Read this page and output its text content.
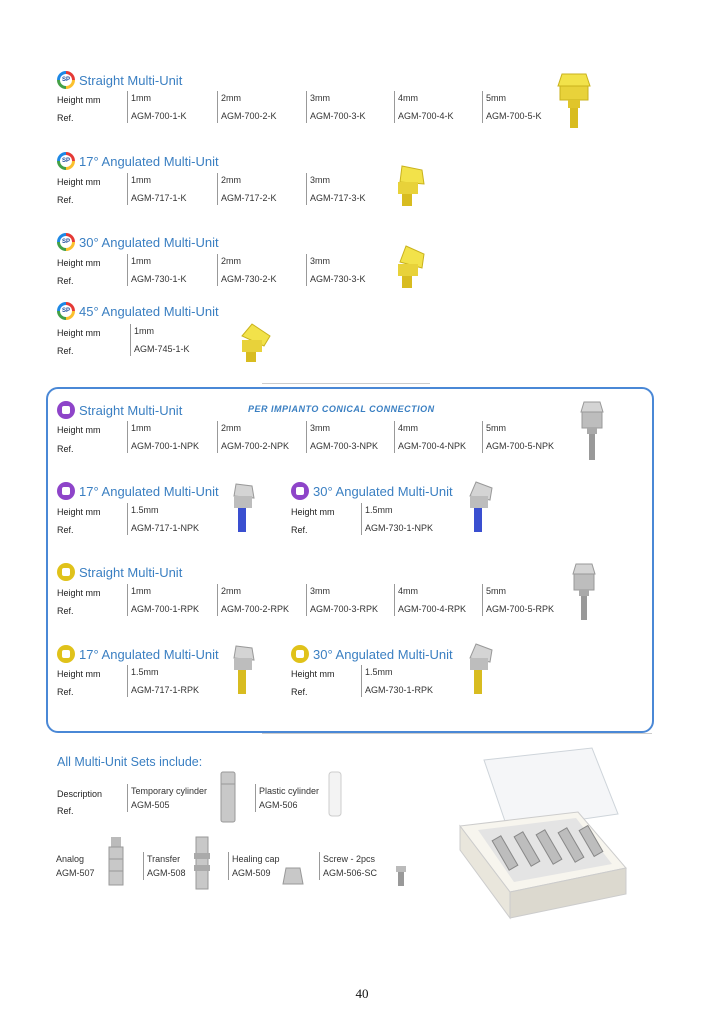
SP Straight Multi-Unit
Height mm
Ref.
SP 17° Angulated Multi-Unit
Height mm
Ref.
SP 30° Angulated Multi-Unit
Height mm
Ref.
SP 45° Angulated Multi-Unit
Height mm
Ref.
PER IMPIANTO CONICAL CONNECTION
Straight Multi-Unit
Height mm
Ref.
17° Angulated Multi-Unit
Height mm
Ref.
30° Angulated Multi-Unit
Height mm
Ref.
Straight Multi-Unit
Height mm
Ref.
17° Angulated Multi-Unit
Height mm
Ref.
30° Angulated Multi-Unit
Height mm
Ref.
All Multi-Unit Sets include:
Description
Ref.
Temporary cylinder
AGM-505
Plastic cylinder
AGM-506
Analog
AGM-507
Transfer
AGM-508
Healing cap
AGM-509
Screw - 2pcs
AGM-506-SC
40
1mm
AGM-700-1-K
2mm
AGM-700-2-K
3mm
AGM-700-3-K
4mm
AGM-700-4-K
5mm
AGM-700-5-K
1mm
AGM-717-1-K
2mm
AGM-717-2-K
3mm
AGM-717-3-K
1mm
AGM-730-1-K
2mm
AGM-730-2-K
3mm
AGM-730-3-K
1mm
AGM-745-1-K
1mm
AGM-700-1-NPK
2mm
AGM-700-2-NPK
3mm
AGM-700-3-NPK
4mm
AGM-700-4-NPK
5mm
AGM-700-5-NPK
1.5mm
AGM-717-1-NPK
1.5mm
AGM-730-1-NPK
1mm
AGM-700-1-RPK
2mm
AGM-700-2-RPK
3mm
AGM-700-3-RPK
4mm
AGM-700-4-RPK
5mm
AGM-700-5-RPK
1.5mm
AGM-717-1-RPK
1.5mm
AGM-730-1-RPK
